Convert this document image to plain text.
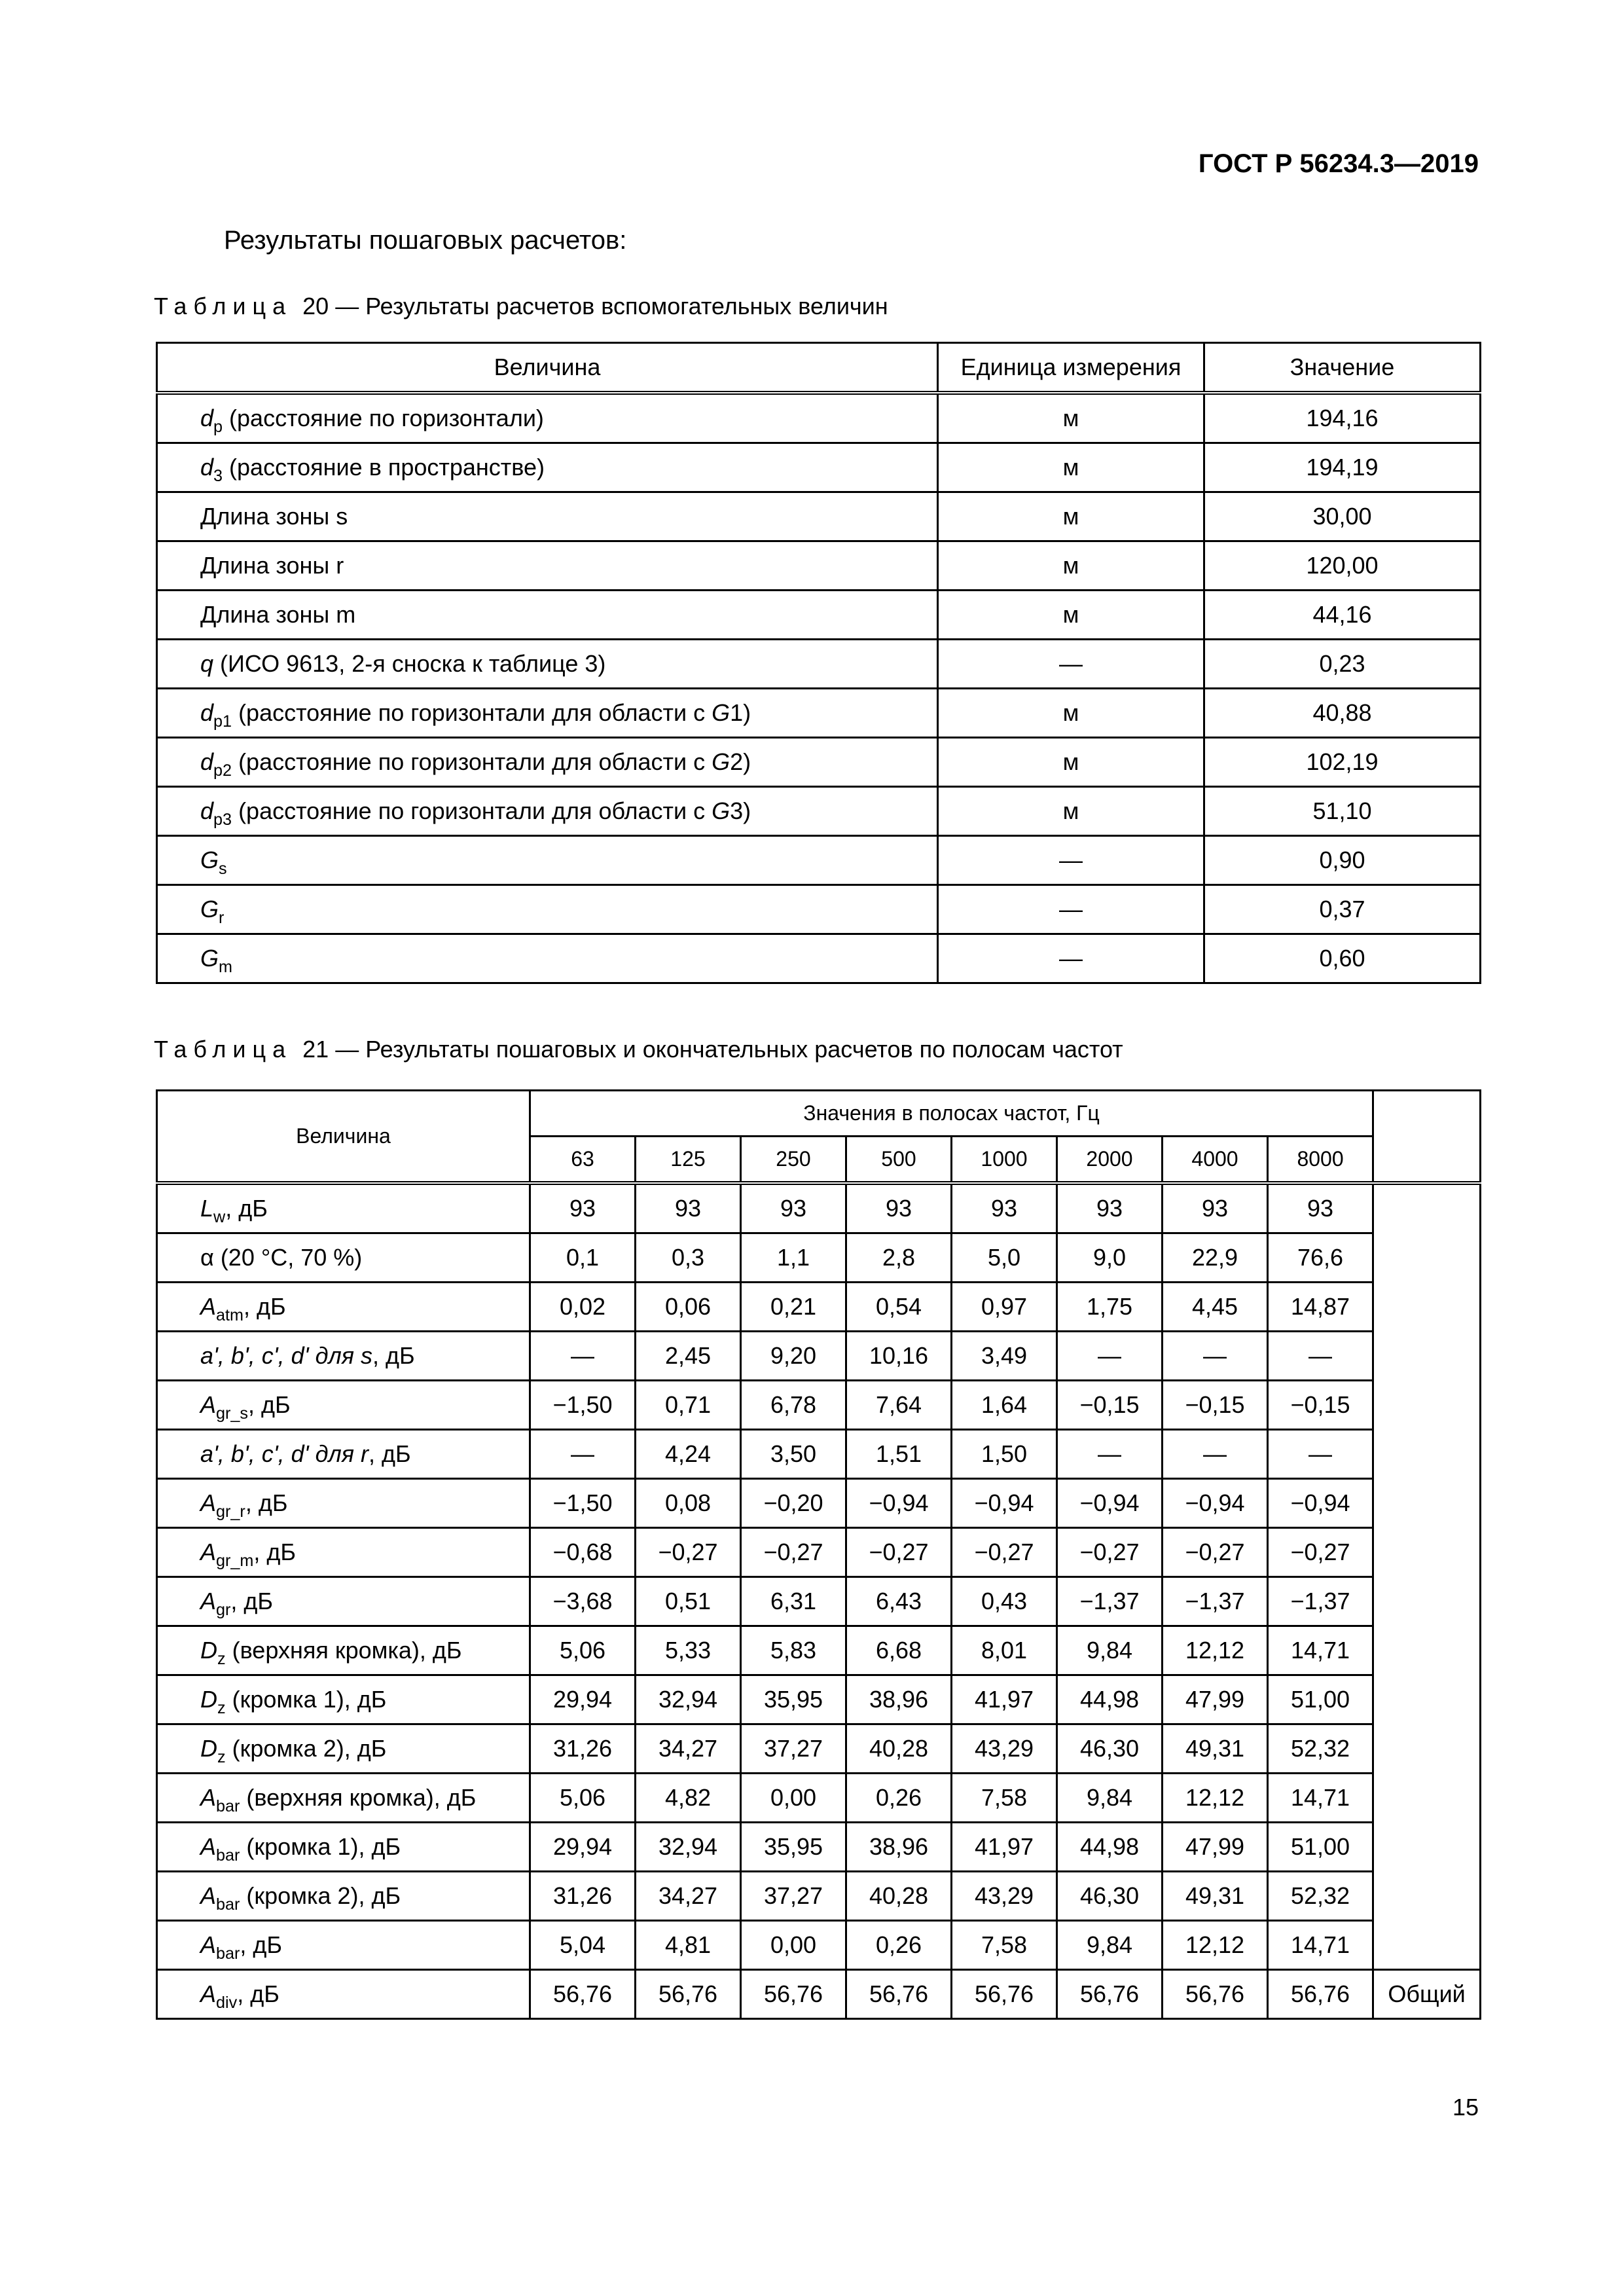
ГОСТ Р 56234.3—2019

Результаты пошаговых расчетов:

Таблица 20 — Результаты расчетов вспомогательных величин

Величина	Единица измерения	Значение
$d_p$ (расстояние по горизонтали)	м	194,16
$d_3$ (расстояние в пространстве)	м	194,19
Длина зоны s	м	30,00
Длина зоны r	м	120,00
Длина зоны m	м	44,16
q (ИСО 9613, 2-я сноска к таблице 3)	—	0,23
$d_{p1}$ (расстояние по горизонтали для области с G1)	м	40,88
$d_{p2}$ (расстояние по горизонтали для области с G2)	м	102,19
$d_{p3}$ (расстояние по горизонтали для области с G3)	м	51,10
$G_s$	—	0,90
$G_r$	—	0,37
$G_m$	—	0,60

Таблица 21 — Результаты пошаговых и окончательных расчетов по полосам частот

Величина	Значения в полосах частот, Гц								
	63	125	250	500	1000	2000	4000	8000	
$L_w$, дБ	93	93	93	93	93	93	93	93	
α (20 °C, 70 %)	0,1	0,3	1,1	2,8	5,0	9,0	22,9	76,6	
$A_{atm}$, дБ	0,02	0,06	0,21	0,54	0,97	1,75	4,45	14,87	
a', b', c', d' для s, дБ	—	2,45	9,20	10,16	3,49	—	—	—	
$A_{gr\_s}$, дБ	−1,50	0,71	6,78	7,64	1,64	−0,15	−0,15	−0,15	
a', b', c', d' для r, дБ	—	4,24	3,50	1,51	1,50	—	—	—	
$A_{gr\_r}$, дБ	−1,50	0,08	−0,20	−0,94	−0,94	−0,94	−0,94	−0,94	
$A_{gr\_m}$, дБ	−0,68	−0,27	−0,27	−0,27	−0,27	−0,27	−0,27	−0,27	
$A_{gr}$, дБ	−3,68	0,51	6,31	6,43	0,43	−1,37	−1,37	−1,37	
$D_z$ (верхняя кромка), дБ	5,06	5,33	5,83	6,68	8,01	9,84	12,12	14,71	
$D_z$ (кромка 1), дБ	29,94	32,94	35,95	38,96	41,97	44,98	47,99	51,00	
$D_z$ (кромка 2), дБ	31,26	34,27	37,27	40,28	43,29	46,30	49,31	52,32	
$A_{bar}$ (верхняя кромка), дБ	5,06	4,82	0,00	0,26	7,58	9,84	12,12	14,71	
$A_{bar}$ (кромка 1), дБ	29,94	32,94	35,95	38,96	41,97	44,98	47,99	51,00	
$A_{bar}$ (кромка 2), дБ	31,26	34,27	37,27	40,28	43,29	46,30	49,31	52,32	
$A_{bar}$, дБ	5,04	4,81	0,00	0,26	7,58	9,84	12,12	14,71	
$A_{div}$, дБ	56,76	56,76	56,76	56,76	56,76	56,76	56,76	56,76	Общий

15
